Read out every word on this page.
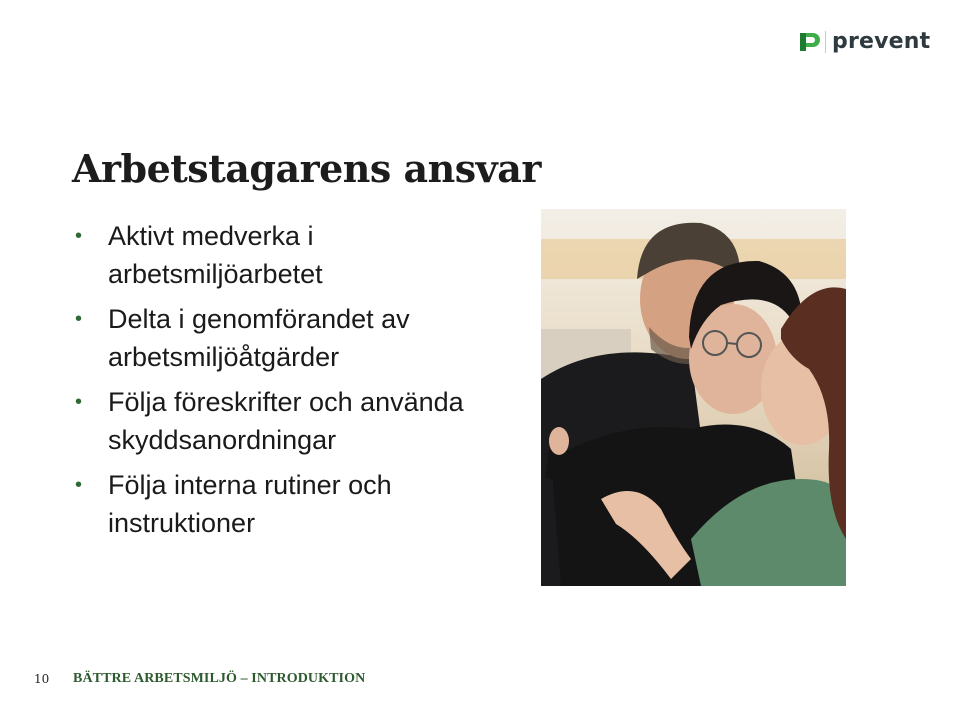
prevent
Arbetstagarens ansvar
• Aktivt medverka i arbetsmiljöarbetet
• Delta i genomförandet av arbetsmiljöåtgärder
• Följa föreskrifter och använda skyddsanordningar
• Följa interna rutiner och instruktioner
10 BÄTTRE ARBETSMILJÖ – INTRODUKTION
